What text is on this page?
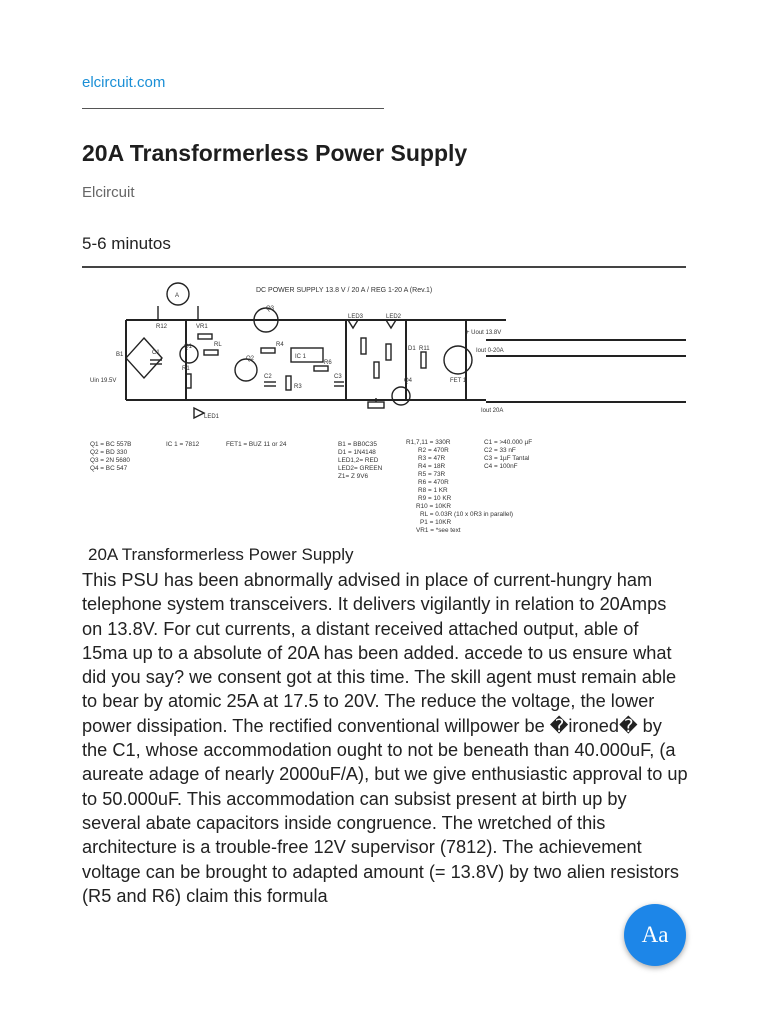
elcircuit.com
20A Transformerless Power Supply
Elcircuit
5-6 minutos
DC POWER SUPPLY 13.8 V / 20 A / REG 1-20 A (Rev.1)
A
R12	VR1
Q3
LED3	LED2
+ Uout 13.8V
Iout 0-20A
Iout 20A
B1	C1
Uin 19.5V
Q1	RL
Q2
R4
IC 1
D1 R11
FET 1
R1
C2
R3
R6
C3
Q4
LED1
Q1 = BC 557B Q2 = BD 330 Q3 = 2N 5680 Q4 = BC 547
IC 1 = 7812	FET1 = BUZ 11 or 24	B1 = BB0C35 D1 = 1N4148 LED1,2= RED LED2= GREEN Z1= Z 9V6
R1,7,11 = 330R R2 = 470R R3 = 47R R4 = 18R R5 = 73R R6 = 470R R8 = 1 KR R9 = 10 KR R10 = 10KR RL = 0.03R (10 x 0R3 in parallel) P1 = 10KR VR1 = *see text
C1 = >40.000 µF C2 = 33 nF C3 = 1µF Tantal C4 = 100nF
20A Transformerless Power Supply

This PSU has been abnormally advised in place of current-hungry ham telephone system transceivers. It delivers vigilantly in relation to 20Amps on 13.8V. For cut currents, a distant received attached output, able of 15ma up to a absolute of 20A has been added. accede to us ensure what did you say? we consent got at this time. The skill agent must remain able to bear by atomic 25A at 17.5 to 20V. The reduce the voltage, the lower power dissipation. The rectified conventional willpower be �ironed� by the C1, whose accommodation ought to not be beneath than 40.000uF, (a aureate adage of nearly 2000uF/A), but we give enthusiastic approval to up to 50.000uF. This accommodation can subsist present at birth up by several abate capacitors inside congruence. The wretched of this architecture is a trouble-free 12V supervisor (7812). The achievement voltage can be brought to adapted amount (= 13.8V) by two alien resistors (R5 and R6) claim this formula

Aa
